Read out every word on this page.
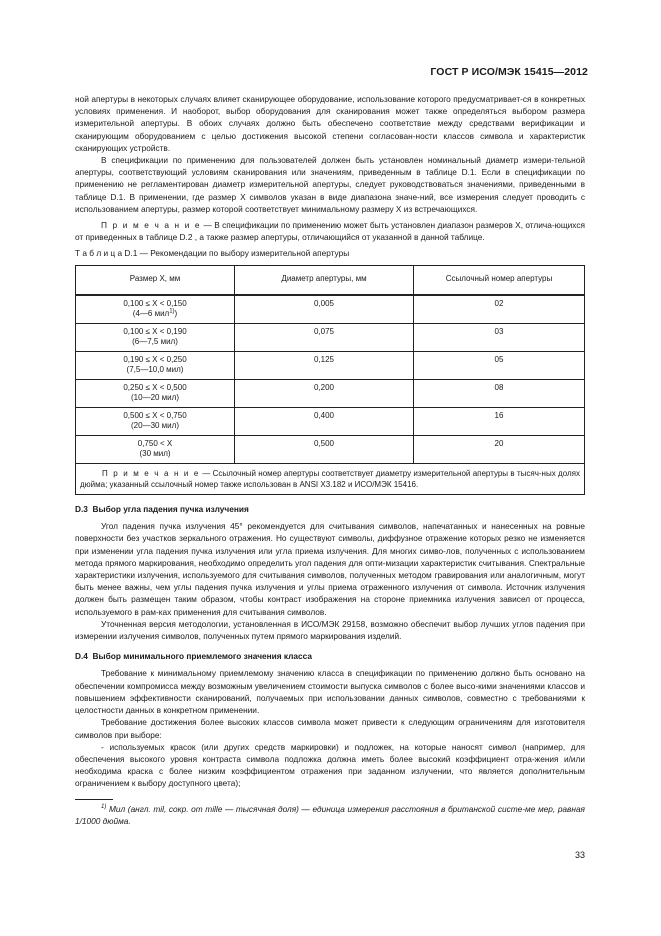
ГОСТ Р ИСО/МЭК 15415—2012

ной апертуры в некоторых случаях влияет сканирующее оборудование, использование которого предусматривает-ся в конкретных условиях применения. И наоборот, выбор оборудования для сканирования может также определяться выбором размера измерительной апертуры. В обоих случаях должно быть обеспечено соответствие между средствами верификации и сканирующим оборудованием с целью достижения высокой степени согласован-ности классов символа и характеристик сканирующих устройств.

В спецификации по применению для пользователей должен быть установлен номинальный диаметр измери-тельной апертуры, соответствующий условиям сканирования или значениям, приведенным в таблице D.1. Если в спецификации по применению не регламентирован диаметр измерительной апертуры, следует руководствоваться значениями, приведенными в таблице D.1. В применении, где размер X символов указан в виде диапазона значе-ний, все измерения следует проводить с использованием апертуры, размер которой соответствует минимальному размеру X из встречающихся.

П р и м е ч а н и е — В спецификации по применению может быть установлен диапазон размеров X, отлича-ющихся от приведенных в таблице D.2 , а также размер апертуры, отличающийся от указанной в данной таблице.

Т а б л и ц а D.1 — Рекомендации по выбору измерительной апертуры

Размер X, мм	Диаметр апертуры, мм	Ссылочный номер апертуры

0,100 ≤ X < 0,150
(4—6 мил$^{1)}$)	0,005	02

0,100 ≤ X < 0,190
(6—7,5 мил)	0,075	03

0,190 ≤ X < 0,250
(7,5—10,0 мил)	0,125	05

0,250 ≤ X < 0,500
(10—20 мил)	0,200	08

0,500 ≤ X < 0,750
(20—30 мил)	0,400	16

0,750 < X
(30 мил)	0,500	20
П р и м е ч а н и е — Ссылочный номер апертуры соответствует диаметру измерительной апертуры в тысяч-ных долях дюйма; указанный ссылочный номер также использован в ANSI X3.182 и ИСО/МЭК 15416.		
D.3 Выбор угла падения пучка излучения

Угол падения пучка излучения 45° рекомендуется для считывания символов, напечатанных и нанесенных на ровные поверхности без участков зеркального отражения. Но существуют символы, диффузное отражение которых резко не изменяется при изменении угла падения пучка излучения или угла приема излучения. Для многих симво-лов, полученных с использованием метода прямого маркирования, необходимо определить угол падения для опти-мизации характеристик считывания. Спектральные характеристики излучения, используемого для считывания символов, полученных методом гравирования или аналогичным, могут быть менее важны, чем углы падения пучка излучения и углы приема отраженного излучения от символа. Источник излучения должен быть размещен таким образом, чтобы контраст изображения на стороне приемника излучения зависел от процесса, используемого в рам-ках применения для считывания символов.

Уточненная версия методологии, установленная в ИСО/МЭК 29158, возможно обеспечит выбор лучших углов падения при измерении излучения символов, полученных путем прямого маркирования изделий.

D.4 Выбор минимального приемлемого значения класса

Требование к минимальному приемлемому значению класса в спецификации по применению должно быть основано на обеспечении компромисса между возможным увеличением стоимости выпуска символов с более высо-кими значениями классов и повышением эффективности сканирований, получаемых при использовании данных символов, совместно с требованиями к целостности данных в конкретном применении.

Требование достижения более высоких классов символа может привести к следующим ограничениям для изготовителя символов при выборе:

- используемых красок (или других средств маркировки) и подложек, на которые наносят символ (например, для обеспечения высокого уровня контраста символа подложка должна иметь более высокий коэффициент отра-жения и/или необходима краска с более низким коэффициентом отражения при заданном излучении, что является дополнительным ограничением к выбору доступного цвета);

$^{1)}$ Мил (англ. mil, сокр. от mille — тысячная доля) — единица измерения расстояния в британской систе-ме мер, равная 1/1000 дюйма.

33
